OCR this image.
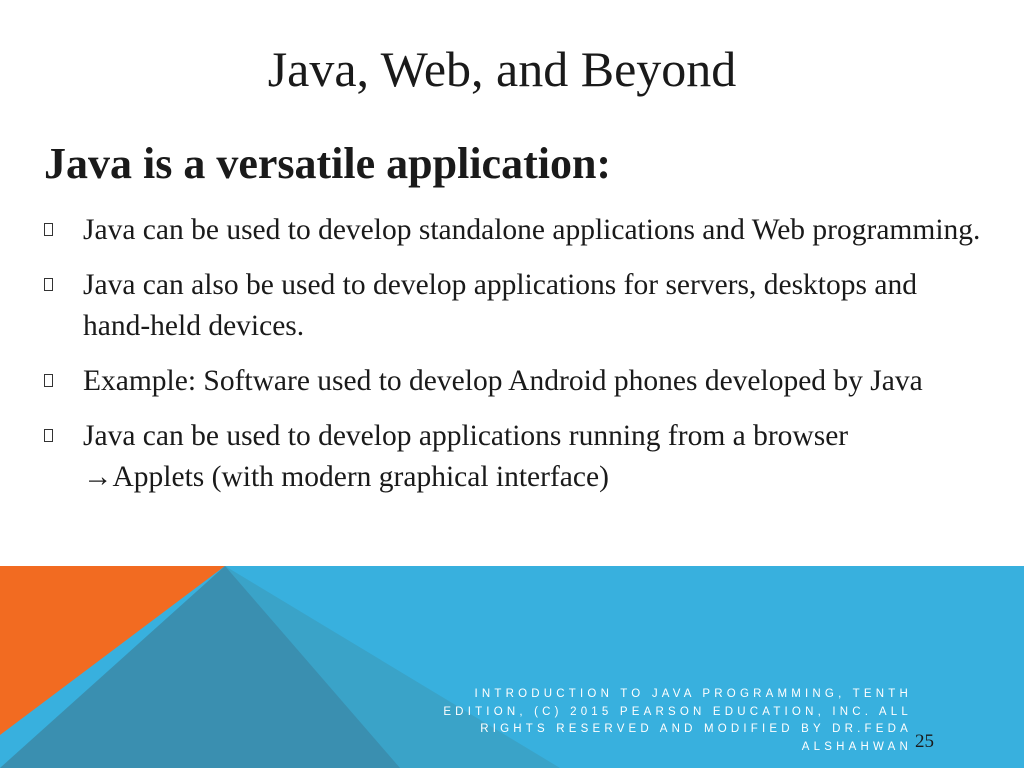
Java, Web, and Beyond
Java is a versatile application:
Java can be used to develop standalone applications and Web programming.
Java can also be used to develop applications for servers, desktops and hand-held devices.
Example: Software used to develop Android phones developed by Java
Java can be used to develop applications running from a browser
→Applets (with modern graphical interface)
INTRODUCTION TO JAVA PROGRAMMING, TENTH EDITION, (C) 2015 PEARSON EDUCATION, INC. ALL RIGHTS RESERVED AND MODIFIED BY DR.FEDA ALSHAHWAN 25
